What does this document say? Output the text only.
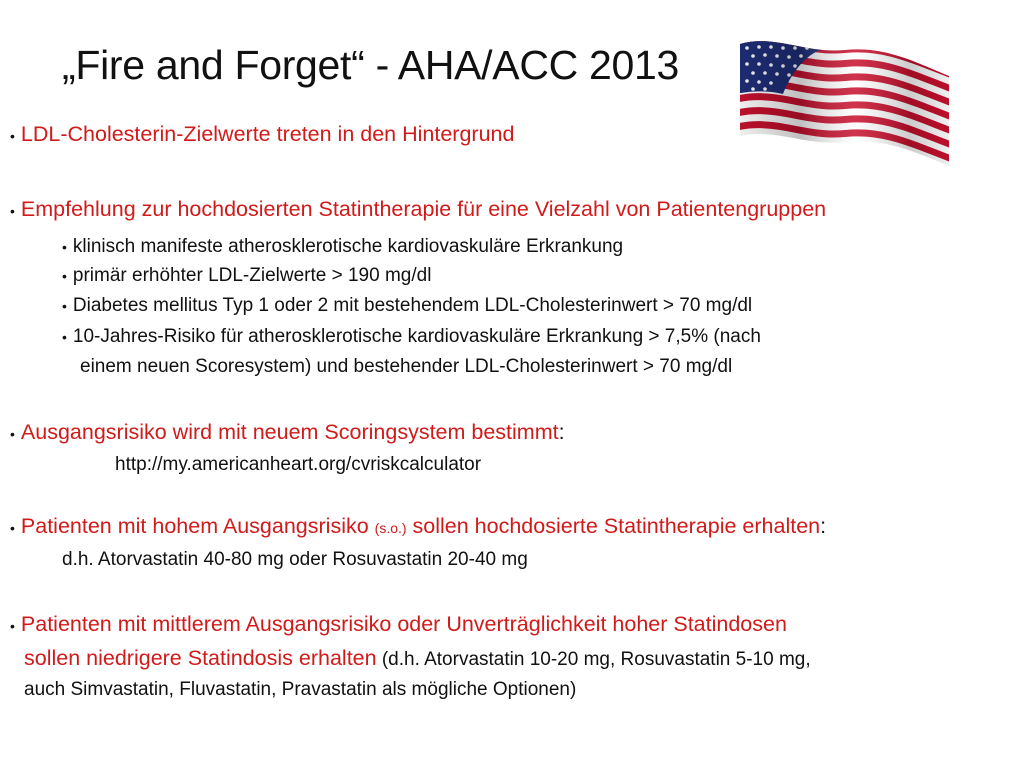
„Fire and Forget“ - AHA/ACC 2013
• LDL-Cholesterin-Zielwerte treten in den Hintergrund
• Empfehlung zur hochdosierten Statintherapie für eine Vielzahl von Patientengruppen
• klinisch manifeste atherosklerotische kardiovaskuläre Erkrankung
• primär erhöhter LDL-Zielwerte > 190 mg/dl
• Diabetes mellitus Typ 1 oder 2 mit bestehendem LDL-Cholesterinwert > 70 mg/dl
• 10-Jahres-Risiko für atherosklerotische kardiovaskuläre Erkrankung > 7,5% (nach
einem neuen Scoresystem) und bestehender LDL-Cholesterinwert > 70 mg/dl
• Ausgangsrisiko wird mit neuem Scoringsystem bestimmt:
http://my.americanheart.org/cvriskcalculator
• Patienten mit hohem Ausgangsrisiko (s.o.) sollen hochdosierte Statintherapie erhalten:
d.h. Atorvastatin 40-80 mg oder Rosuvastatin 20-40 mg
• Patienten mit mittlerem Ausgangsrisiko oder Unverträglichkeit hoher Statindosen
sollen niedrigere Statindosis erhalten (d.h. Atorvastatin 10-20 mg, Rosuvastatin 5-10 mg,
auch Simvastatin, Fluvastatin, Pravastatin als mögliche Optionen)
